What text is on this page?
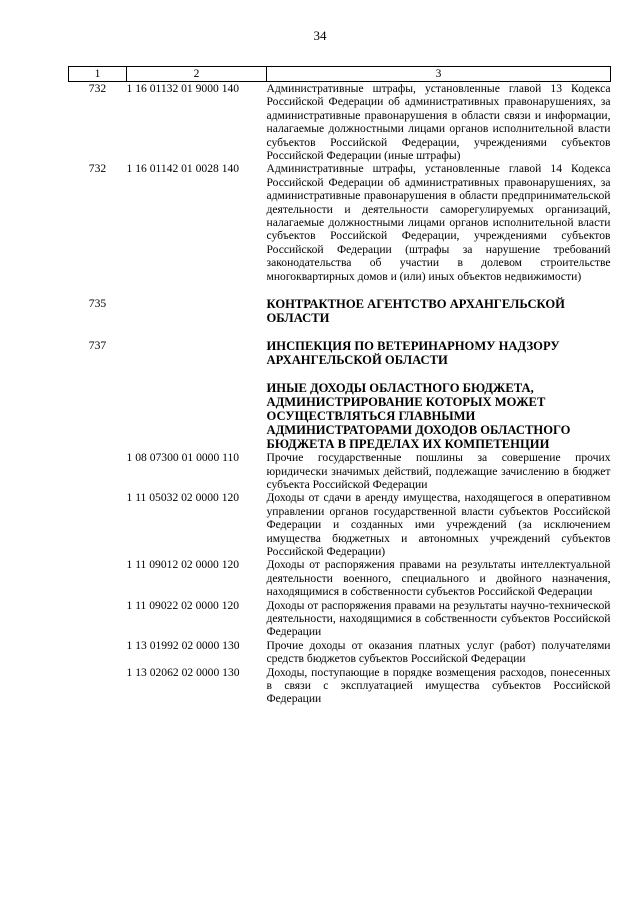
34
1	2	3
732	1 16 01132 01 9000 140	Административные штрафы, установленные главой 13 Кодекса Российской Федерации об административных правонарушениях, за административные правонарушения в области связи и информации, налагаемые должностными лицами органов исполнительной власти субъектов Российской Федерации, учреждениями субъектов Российской Федерации (иные штрафы)

732	1 16 01142 01 0028 140	Административные штрафы, установленные главой 14 Кодекса Российской Федерации об административных правонарушениях, за административные правонарушения в области предпринимательской деятельности и деятельности саморегулируемых организаций, налагаемые должностными лицами органов исполнительной власти субъектов Российской Федерации, учреждениями субъектов Российской Федерации (штрафы за нарушение требований законодательства об участии в долевом строительстве многоквартирных домов и (или) иных объектов недвижимости)

735		КОНТРАКТНОЕ АГЕНТСТВО АРХАНГЕЛЬСКОЙ ОБЛАСТИ

737		ИНСПЕКЦИЯ ПО ВЕТЕРИНАРНОМУ НАДЗОРУ АРХАНГЕЛЬСКОЙ ОБЛАСТИ

		ИНЫЕ ДОХОДЫ ОБЛАСТНОГО БЮДЖЕТА, АДМИНИСТРИРОВАНИЕ КОТОРЫХ МОЖЕТ ОСУЩЕСТВЛЯТЬСЯ ГЛАВНЫМИ АДМИНИСТРАТОРАМИ ДОХОДОВ ОБЛАСТНОГО БЮДЖЕТА В ПРЕДЕЛАХ ИХ КОМПЕТЕНЦИИ

	1 08 07300 01 0000 110	Прочие государственные пошлины за совершение прочих юридически значимых действий, подлежащие зачислению в бюджет субъекта Российской Федерации

	1 11 05032 02 0000 120	Доходы от сдачи в аренду имущества, находящегося в оперативном управлении органов государственной власти субъектов Российской Федерации и созданных ими учреждений (за исключением имущества бюджетных и автономных учреждений субъектов Российской Федерации)

	1 11 09012 02 0000 120	Доходы от распоряжения правами на результаты интеллектуальной деятельности военного, специального и двойного назначения, находящимися в собственности субъектов Российской Федерации

	1 11 09022 02 0000 120	Доходы от распоряжения правами на результаты научно-технической деятельности, находящимися в собственности субъектов Российской Федерации

	1 13 01992 02 0000 130	Прочие доходы от оказания платных услуг (работ) получателями средств бюджетов субъектов Российской Федерации

	1 13 02062 02 0000 130	Доходы, поступающие в порядке возмещения расходов, понесенных в связи с эксплуатацией имущества субъектов Российской Федерации
